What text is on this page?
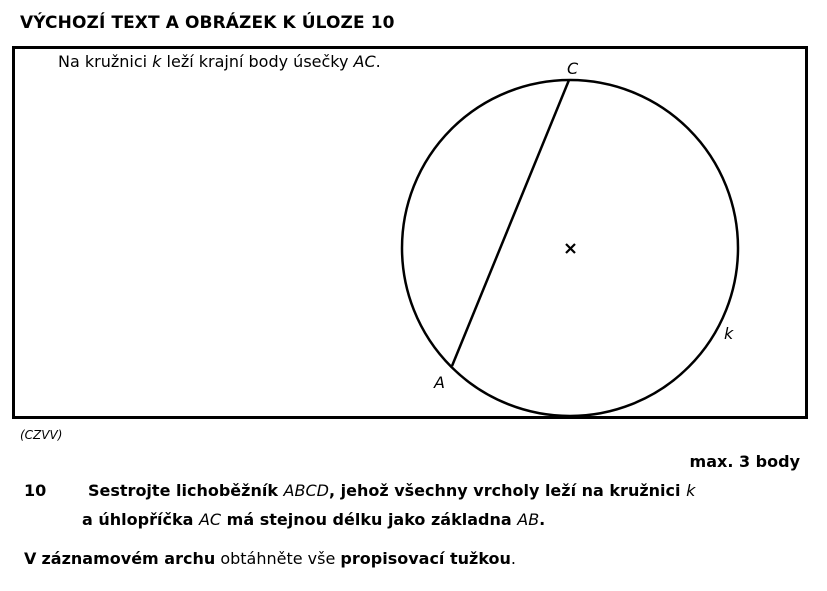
VÝCHOZÍ TEXT A OBRÁZEK K ÚLOZE 10
Na kružnici k leží krajní body úsečky AC.	C
A
k
(CZVV)
max. 3 body
10	Sestrojte lichoběžník ABCD, jehož všechny vrcholy leží na kružnici k
a úhlopříčka AC má stejnou délku jako základna AB.
V záznamovém archu obtáhněte vše propisovací tužkou.
